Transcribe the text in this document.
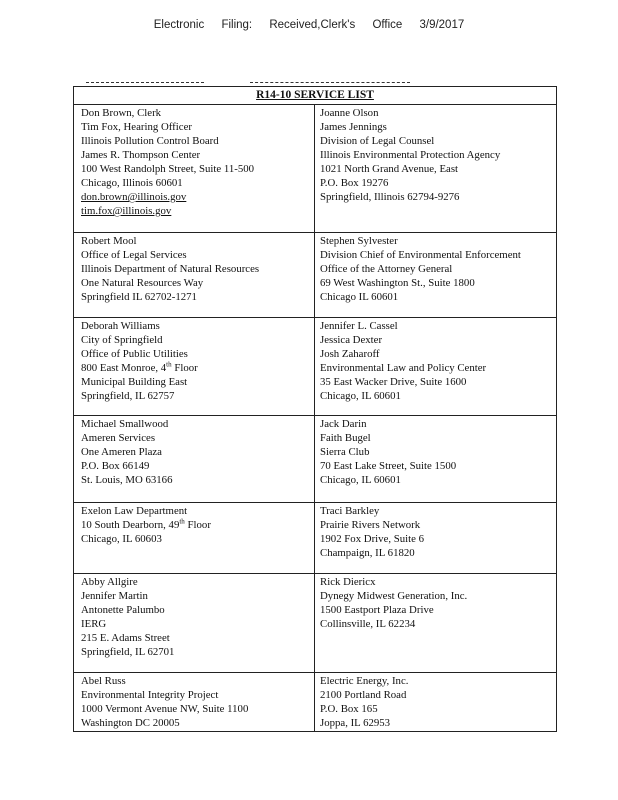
Electronic Filing: Received,Clerk's Office 3/9/2017
R14-10 SERVICE LIST
Don Brown, Clerk
Tim Fox, Hearing Officer
Illinois Pollution Control Board
James R. Thompson Center
100 West Randolph Street, Suite 11-500
Chicago, Illinois 60601
don.brown@illinois.gov
tim.fox@illinois.gov
Joanne Olson
James Jennings
Division of Legal Counsel
Illinois Environmental Protection Agency
1021 North Grand Avenue, East
P.O. Box 19276
Springfield, Illinois 62794-9276
Robert Mool
Office of Legal Services
Illinois Department of Natural Resources
One Natural Resources Way
Springfield IL 62702-1271
Stephen Sylvester
Division Chief of Environmental Enforcement
Office of the Attorney General
69 West Washington St., Suite 1800
Chicago IL 60601
Deborah Williams
City of Springfield
Office of Public Utilities
800 East Monroe, 4th Floor
Municipal Building East
Springfield, IL 62757
Jennifer L. Cassel
Jessica Dexter
Josh Zaharoff
Environmental Law and Policy Center
35 East Wacker Drive, Suite 1600
Chicago, IL 60601
Michael Smallwood
Ameren Services
One Ameren Plaza
P.O. Box 66149
St. Louis, MO 63166
Jack Darin
Faith Bugel
Sierra Club
70 East Lake Street, Suite 1500
Chicago, IL 60601
Exelon Law Department
10 South Dearborn, 49th Floor
Chicago, IL 60603
Traci Barkley
Prairie Rivers Network
1902 Fox Drive, Suite 6
Champaign, IL 61820
Abby Allgire
Jennifer Martin
Antonette Palumbo
IERG
215 E. Adams Street
Springfield, IL 62701
Rick Diericx
Dynegy Midwest Generation, Inc.
1500 Eastport Plaza Drive
Collinsville, IL 62234
Abel Russ
Environmental Integrity Project
1000 Vermont Avenue NW, Suite 1100
Washington DC 20005
Electric Energy, Inc.
2100 Portland Road
P.O. Box 165
Joppa, IL 62953
